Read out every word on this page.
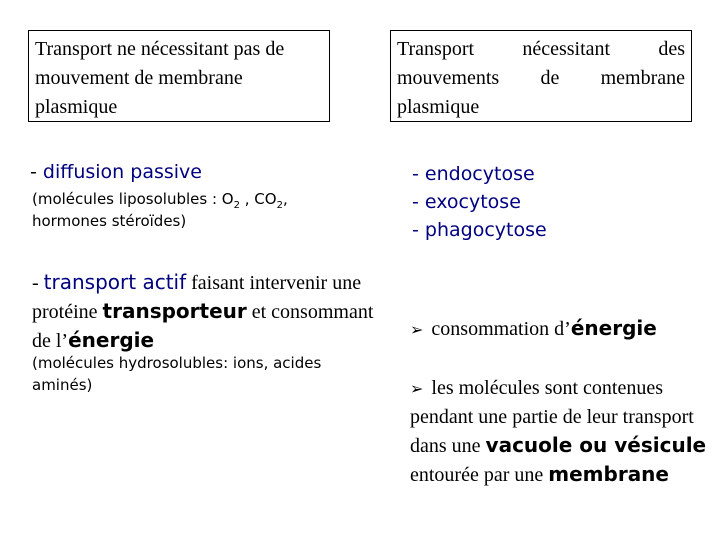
Transport ne nécessitant pas de mouvement de membrane plasmique
Transport nécessitant des mouvements de membrane plasmique
- diffusion passive
(molécules liposolubles : $O_2$ , $CO_2$, hormones stéroïdes)
- transport actif faisant intervenir une protéine transporteur et consommant de l’énergie
(molécules hydrosolubles: ions, acides aminés)
- endocytose
- exocytose
- phagocytose
➢ consommation d’énergie
➢ les molécules sont contenues pendant une partie de leur transport dans une vacuole ou vésicule entourée par une membrane
